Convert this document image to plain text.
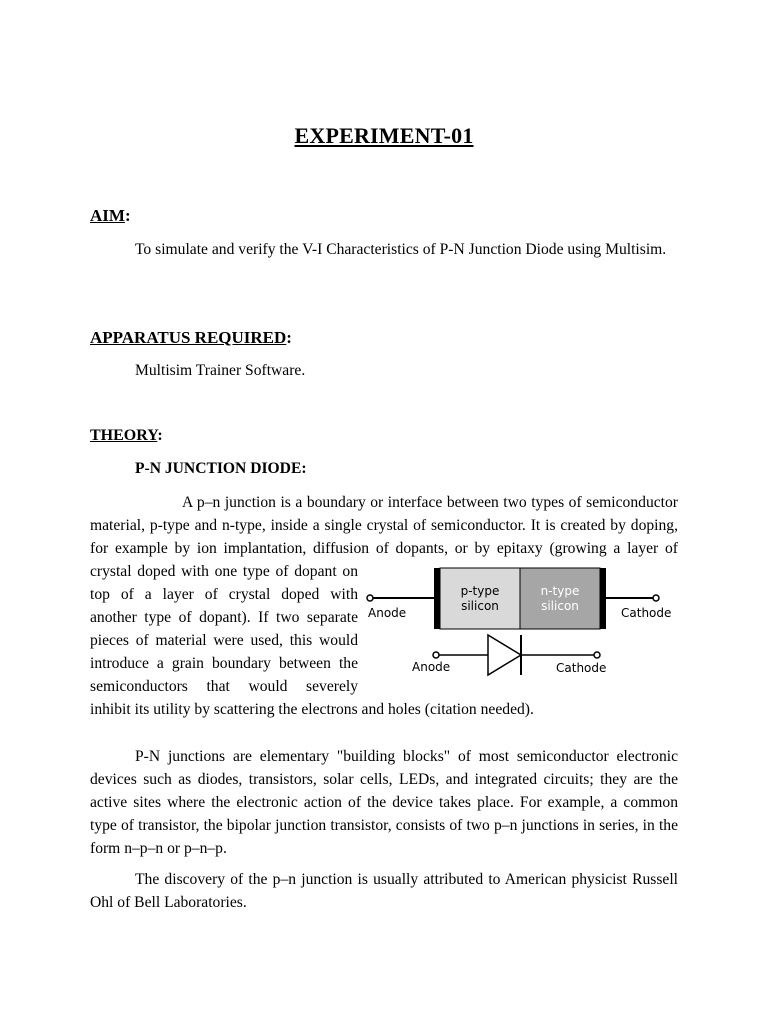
EXPERIMENT-01
AIM:

To simulate and verify the V-I Characteristics of P-N Junction Diode using Multisim.

APPARATUS REQUIRED:
Multisim Trainer Software.
THEORY:
P-N JUNCTION DIODE:
A p–n junction is a boundary or interface between two types of semiconductor material, p-type and n-type, inside a single crystal of semiconductor. It is created by doping, for example by ion implantation, diffusion of dopants, or by epitaxy (growing a layer of crystal doped with one type of dopant on top of a layer of crystal doped with another type of dopant). If two separate pieces of material were used, this would introduce a grain boundary between the semiconductors that would severely inhibit its utility by scattering the electrons and holes (citation needed).

P-N junctions are elementary "building blocks" of most semiconductor electronic devices such as diodes, transistors, solar cells, LEDs, and integrated circuits; they are the active sites where the electronic action of the device takes place. For example, a common type of transistor, the bipolar junction transistor, consists of two p–n junctions in series, in the form n–p–n or p–n–p.

The discovery of the p–n junction is usually attributed to American physicist Russell Ohl of Bell Laboratories.

p-type
silicon
n-type
silicon
Anode	Cathode
Anode	Cathode
